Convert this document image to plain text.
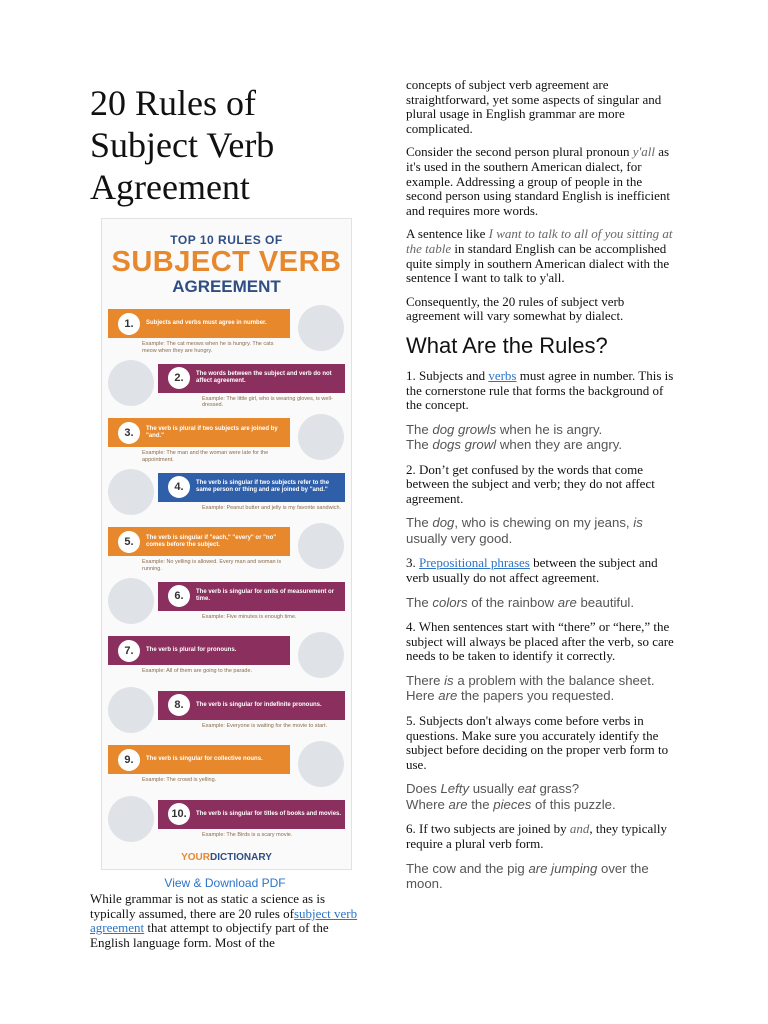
20 Rules of Subject Verb Agreement
TOP 10 RULES OF
SUBJECT VERB
AGREEMENT
1.	Subjects and verbs must agree in number.
Example: The cat meows when he is hungry. The cats meow when they are hungry.
2.	The words between the subject and verb do not affect agreement.
Example: The little girl, who is wearing gloves, is well-dressed.
3.	The verb is plural if two subjects are joined by "and."
Example: The man and the woman were late for the appointment.
4.	The verb is singular if two subjects refer to the same person or thing and are joined by "and."
Example: Peanut butter and jelly is my favorite sandwich.
5.	The verb is singular if "each," "every" or "no" comes before the subject.
Example: No yelling is allowed. Every man and woman is running.
6.	The verb is singular for units of measurement or time.
Example: Five minutes is enough time.
7.	The verb is plural for pronouns.
Example: All of them are going to the parade.
8.	The verb is singular for indefinite pronouns.
Example: Everyone is waiting for the movie to start.
9.	The verb is singular for collective nouns.
Example: The crowd is yelling.
10.	The verb is singular for titles of books and movies.
Example: The Birds is a scary movie.
YOURDICTIONARY
View & Download PDF

While grammar is not as static a science as is typically assumed, there are 20 rules ofsubject verb agreement that attempt to objectify part of the English language form. Most of the

concepts of subject verb agreement are straightforward, yet some aspects of singular and plural usage in English grammar are more complicated.

Consider the second person plural pronoun y'all as it's used in the southern American dialect, for example. Addressing a group of people in the second person using standard English is inefficient and requires more words.

A sentence like I want to talk to all of you sitting at the table in standard English can be accomplished quite simply in southern American dialect with the sentence I want to talk to y'all.

Consequently, the 20 rules of subject verb agreement will vary somewhat by dialect.

What Are the Rules?

1. Subjects and verbs must agree in number. This is the cornerstone rule that forms the background of the concept.

The dog growls when he is angry.
The dogs growl when they are angry.

2. Don’t get confused by the words that come between the subject and verb; they do not affect agreement.

The dog, who is chewing on my jeans, is usually very good.

3. Prepositional phrases between the subject and verb usually do not affect agreement.

The colors of the rainbow are beautiful.

4. When sentences start with “there” or “here,” the subject will always be placed after the verb, so care needs to be taken to identify it correctly.

There is a problem with the balance sheet. Here are the papers you requested.

5. Subjects don't always come before verbs in questions. Make sure you accurately identify the subject before deciding on the proper verb form to use.

Does Lefty usually eat grass?
Where are the pieces of this puzzle.

6. If two subjects are joined by and, they typically require a plural verb form.

The cow and the pig are jumping over the moon.
